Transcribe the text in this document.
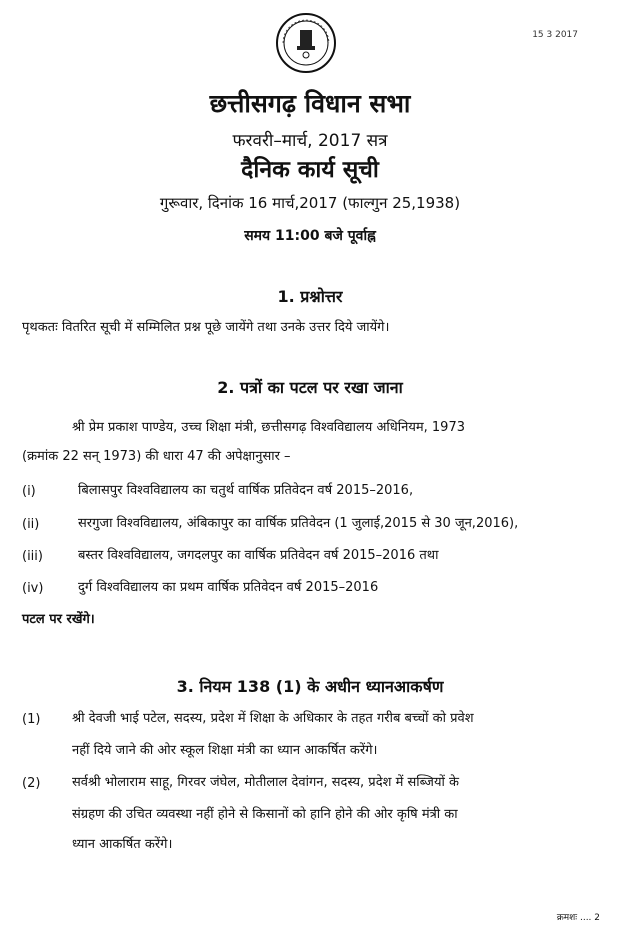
15 3 2017
छत्तीसगढ़ विधान सभा
फरवरी–मार्च, 2017 सत्र
दैनिक कार्य सूची
गुरूवार, दिनांक 16 मार्च,2017 (फाल्गुन 25,1938)
समय 11:00 बजे पूर्वाह्न
1. प्रश्नोत्तर
पृथकतः वितरित सूची में सम्मिलित प्रश्न पूछे जायेंगे तथा उनके उत्तर दिये जायेंगे।
2. पत्रों का पटल पर रखा जाना
श्री प्रेम प्रकाश पाण्डेय, उच्च शिक्षा मंत्री, छत्तीसगढ़ विश्वविद्यालय अधिनियम, 1973
(क्रमांक 22 सन् 1973) की धारा 47 की अपेक्षानुसार –
(i)	बिलासपुर विश्वविद्यालय का चतुर्थ वार्षिक प्रतिवेदन वर्ष 2015–2016,
(ii)	सरगुजा विश्वविद्यालय, अंबिकापुर का वार्षिक प्रतिवेदन (1 जुलाई,2015 से 30 जून,2016),
(iii)	बस्तर विश्वविद्यालय, जगदलपुर का वार्षिक प्रतिवेदन वर्ष 2015–2016 तथा
(iv)	दुर्ग विश्वविद्यालय का प्रथम वार्षिक प्रतिवेदन वर्ष 2015–2016
पटल पर रखेंगे।
3. नियम 138 (1) के अधीन ध्यानआकर्षण
(1) श्री देवजी भाई पटेल, सदस्य, प्रदेश में शिक्षा के अधिकार के तहत गरीब बच्चों को प्रवेश
नहीं दिये जाने की ओर स्कूल शिक्षा मंत्री का ध्यान आकर्षित करेंगे।
(2) सर्वश्री भोलाराम साहू, गिरवर जंघेल, मोतीलाल देवांगन, सदस्य, प्रदेश में सब्जियों के
संग्रहण की उचित व्यवस्था नहीं होने से किसानों को हानि होने की ओर कृषि मंत्री का
ध्यान आकर्षित करेंगे।
क्रमशः .... 2
